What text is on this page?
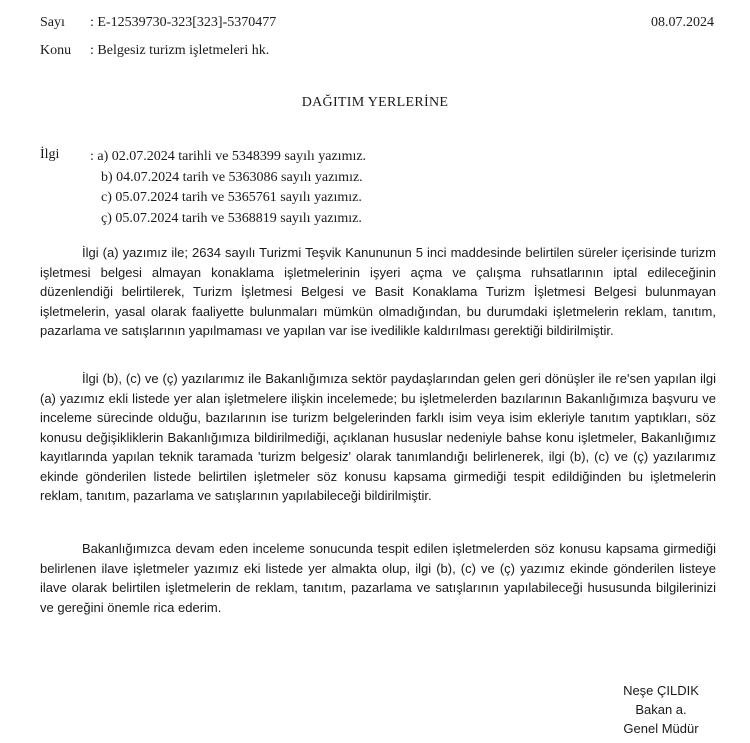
Sayı : E-12539730-323[323]-5370477	08.07.2024
Konu : Belgesiz turizm işletmeleri hk.
DAĞITIM YERLERİNE
İlgi : a) 02.07.2024 tarihli ve 5348399 sayılı yazımız.
b) 04.07.2024 tarih ve 5363086 sayılı yazımız.
c) 05.07.2024 tarih ve 5365761 sayılı yazımız.
ç) 05.07.2024 tarih ve 5368819 sayılı yazımız.

İlgi (a) yazımız ile; 2634 sayılı Turizmi Teşvik Kanununun 5 inci maddesinde belirtilen süreler içerisinde turizm işletmesi belgesi almayan konaklama işletmelerinin işyeri açma ve çalışma ruhsatlarının iptal edileceğinin düzenlendiği belirtilerek, Turizm İşletmesi Belgesi ve Basit Konaklama Turizm İşletmesi Belgesi bulunmayan işletmelerin, yasal olarak faaliyette bulunmaları mümkün olmadığından, bu durumdaki işletmelerin reklam, tanıtım, pazarlama ve satışlarının yapılmaması ve yapılan var ise ivedilikle kaldırılması gerektiği bildirilmiştir.

İlgi (b), (c) ve (ç) yazılarımız ile Bakanlığımıza sektör paydaşlarından gelen geri dönüşler ile re'sen yapılan ilgi (a) yazımız ekli listede yer alan işletmelere ilişkin incelemede; bu işletmelerden bazılarının Bakanlığımıza başvuru ve inceleme sürecinde olduğu, bazılarının ise turizm belgelerinden farklı isim veya isim ekleriyle tanıtım yaptıkları, söz konusu değişikliklerin Bakanlığımıza bildirilmediği, açıklanan hususlar nedeniyle bahse konu işletmeler, Bakanlığımız kayıtlarında yapılan teknik taramada 'turizm belgesiz' olarak tanımlandığı belirlenerek, ilgi (b), (c) ve (ç) yazılarımız ekinde gönderilen listede belirtilen işletmeler söz konusu kapsama girmediği tespit edildiğinden bu işletmelerin reklam, tanıtım, pazarlama ve satışlarının yapılabileceği bildirilmiştir.

Bakanlığımızca devam eden inceleme sonucunda tespit edilen işletmelerden söz konusu kapsama girmediği belirlenen ilave işletmeler yazımız eki listede yer almakta olup, ilgi (b), (c) ve (ç) yazımız ekinde gönderilen listeye ilave olarak belirtilen işletmelerin de reklam, tanıtım, pazarlama ve satışlarının yapılabileceği hususunda bilgilerinizi ve gereğini önemle rica ederim.

Neşe ÇILDIK
Bakan a.
Genel Müdür
